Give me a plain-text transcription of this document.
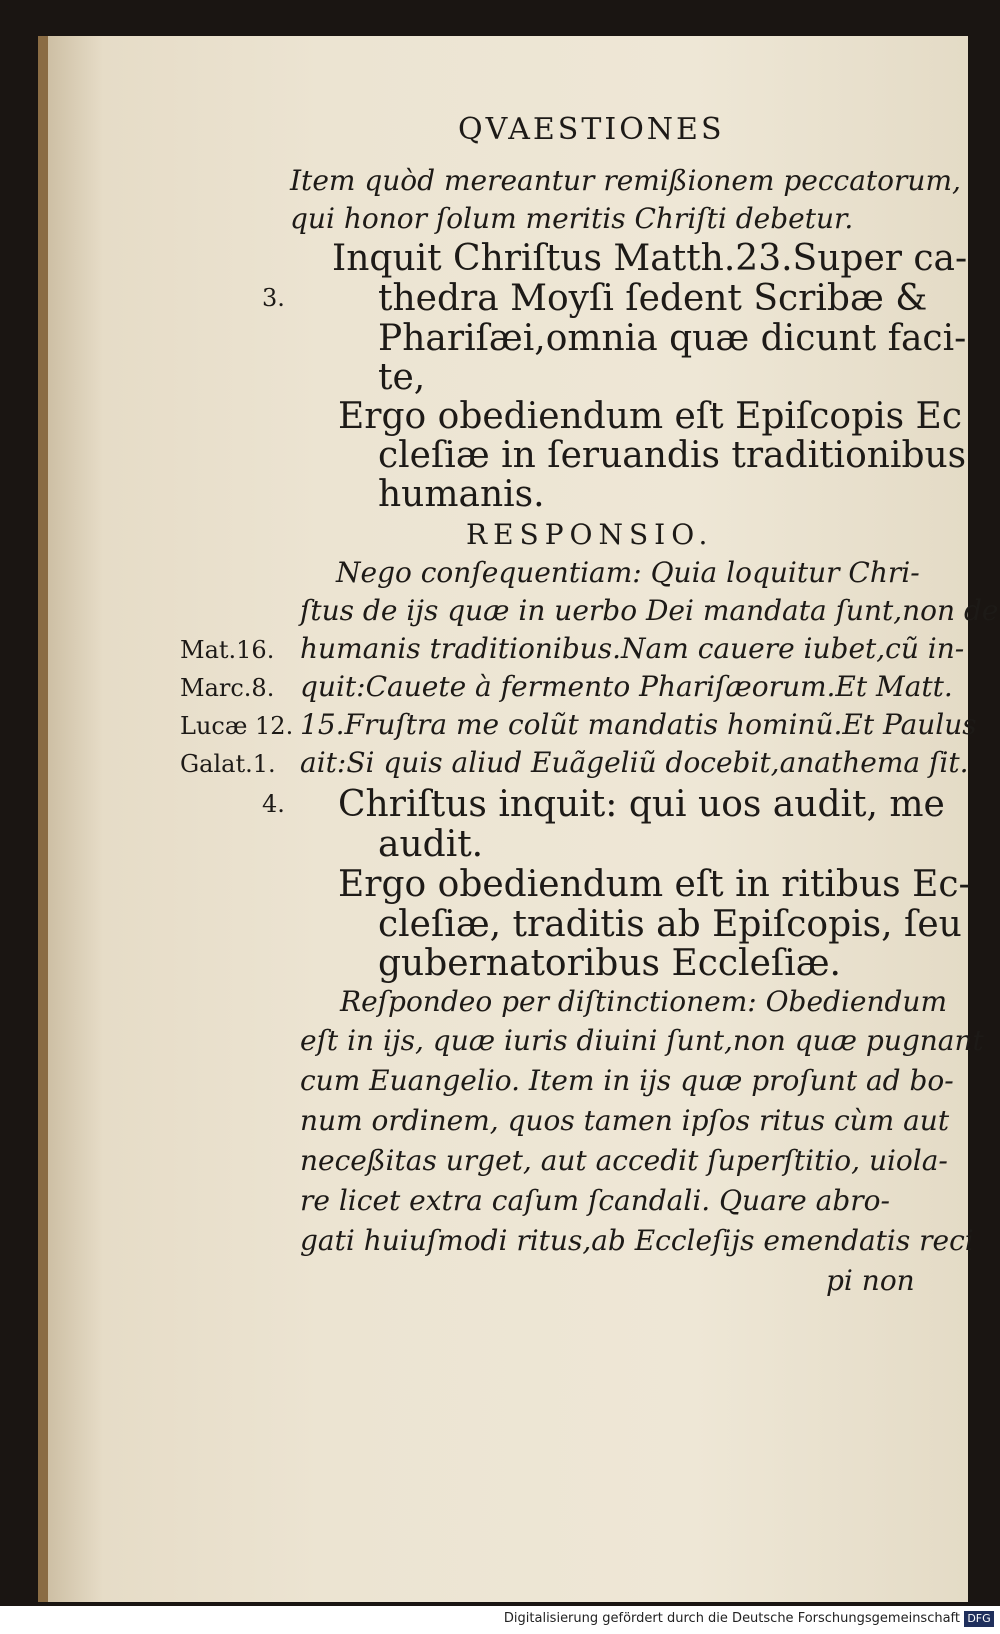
QVAESTIONES
Item quòd mereantur remißionem peccatorum,
qui honor ſolum meritis Chriſti debetur.
Inquit Chriſtus Matth.23.Super ca-
thedra Moyſi ſedent Scribæ &
Phariſæi,omnia quæ dicunt faci-
te,
Ergo obediendum eſt Epiſcopis Ec
cleſiæ in ſeruandis traditionibus
humanis.
RESPONSIO.
Nego conſequentiam: Quia loquitur Chri-
ſtus de ijs quæ in uerbo Dei mandata ſunt,non de
humanis traditionibus.Nam cauere iubet,cũ in-
quit:Cauete à fermento Phariſæorum.Et Matt.
15.Fruſtra me colũt mandatis hominũ.Et Paulus
ait:Si quis aliud Euãgeliũ docebit,anathema ſit.
Chriſtus inquit: qui uos audit, me
audit.
Ergo obediendum eſt in ritibus Ec-
cleſiæ, traditis ab Epiſcopis, ſeu
gubernatoribus Eccleſiæ.
Reſpondeo per diſtinctionem: Obediendum
eſt in ijs, quæ iuris diuini ſunt,non quæ pugnant
cum Euangelio. Item in ijs quæ proſunt ad bo-
num ordinem, quos tamen ipſos ritus cùm aut
neceßitas urget, aut accedit ſuperſtitio, uiola-
re licet extra caſum ſcandali. Quare abro-
gati huiuſmodi ritus,ab Eccleſijs emendatis reci
pi non
3.
Mat.16.
Marc.8.
Lucæ 12.
Galat.1.
4.
Digitalisierung gefördert durch die Deutsche Forschungsgemeinschaft DFG
